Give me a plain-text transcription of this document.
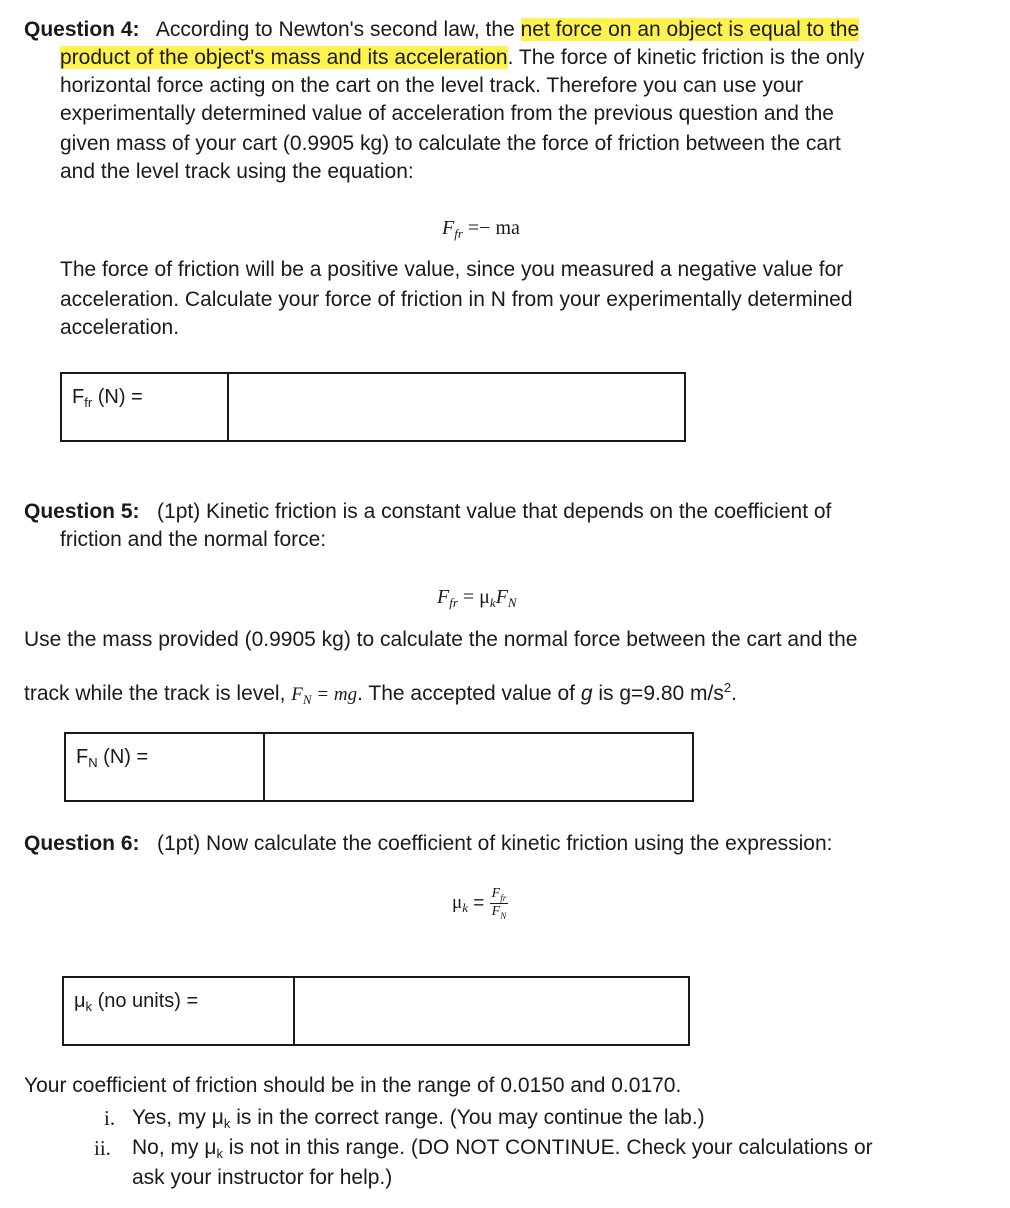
Question 4: According to Newton's second law, the net force on an object is equal to the
product of the object's mass and its acceleration. The force of kinetic friction is the only
horizontal force acting on the cart on the level track. Therefore you can use your
experimentally determined value of acceleration from the previous question and the
given mass of your cart (0.9905 kg) to calculate the force of friction between the cart
and the level track using the equation:
$F_{fr}$ =− ma
The force of friction will be a positive value, since you measured a negative value for
acceleration. Calculate your force of friction in N from your experimentally determined
acceleration.
$F_{fr}$ (N) =
Question 5: (1pt) Kinetic friction is a constant value that depends on the coefficient of
friction and the normal force:
$F_{fr} = \mu_kF_N$
Use the mass provided (0.9905 kg) to calculate the normal force between the cart and the
track while the track is level, $F_N$ = mg. The accepted value of g is g=9.80 $m/s^2$.
$F_N$ (N) =
Question 6: (1pt) Now calculate the coefficient of kinetic friction using the expression:
$\mu_k = \frac{F_{fr}}{F_N}$
$\mu_k$ (no units) =
Your coefficient of friction should be in the range of 0.0150 and 0.0170.
i. Yes, my $\mu_k$ is in the correct range. (You may continue the lab.)
ii. No, my $\mu_k$ is not in this range. (DO NOT CONTINUE. Check your calculations or
ask your instructor for help.)
